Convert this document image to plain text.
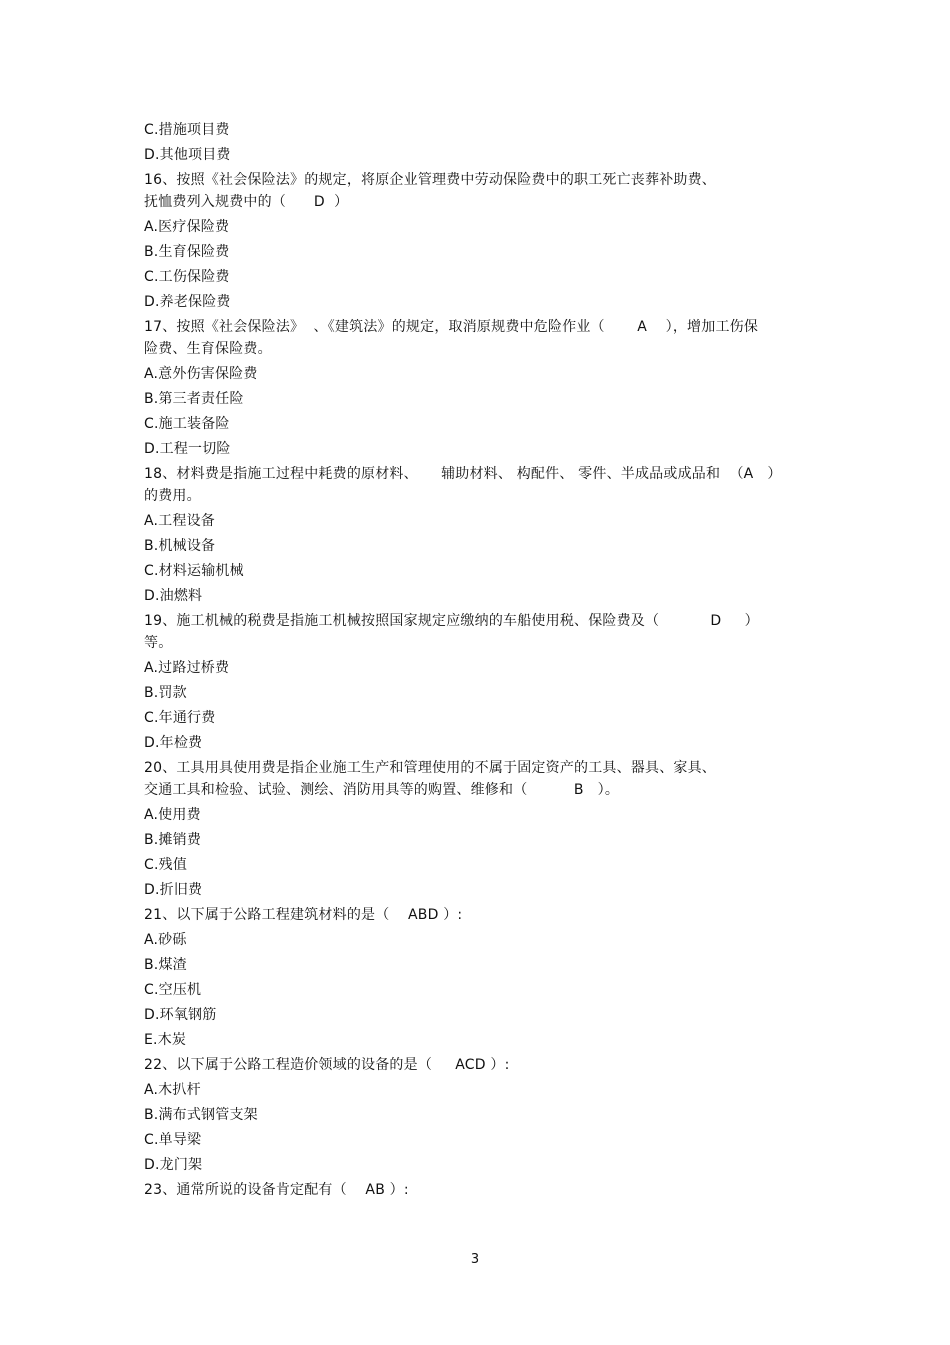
C.措施项目费
D.其他项目费
16、按照《社会保险法》的规定，将原企业管理费中劳动保险费中的职工死亡丧葬补助费、
抚恤费列入规费中的（      D  ）
A.医疗保险费
B.生育保险费
C.工伤保险费
D.养老保险费
17、按照《社会保险法》  、《建筑法》的规定，取消原规费中危险作业（       A    ），增加工伤保
险费、生育保险费。
A.意外伤害保险费
B.第三者责任险
C.施工装备险
D.工程一切险
18、材料费是指施工过程中耗费的原材料、     辅助材料、 构配件、 零件、半成品或成品和  （A   ）
的费用。
A.工程设备
B.机械设备
C.材料运输机械
D.油燃料
19、施工机械的税费是指施工机械按照国家规定应缴纳的车船使用税、保险费及（           D     ）
等。
A.过路过桥费
B.罚款
C.年通行费
D.年检费
20、工具用具使用费是指企业施工生产和管理使用的不属于固定资产的工具、器具、家具、
交通工具和检验、试验、测绘、消防用具等的购置、维修和（          B   ）。
A.使用费
B.摊销费
C.残值
D.折旧费
21、以下属于公路工程建筑材料的是（    ABD ）:
A.砂砾
B.煤渣
C.空压机
D.环氧钢筋
E.木炭
22、以下属于公路工程造价领域的设备的是（     ACD ）:
A.木扒杆
B.满布式钢管支架
C.单导梁
D.龙门架
23、通常所说的设备肯定配有（    AB ）:
3
